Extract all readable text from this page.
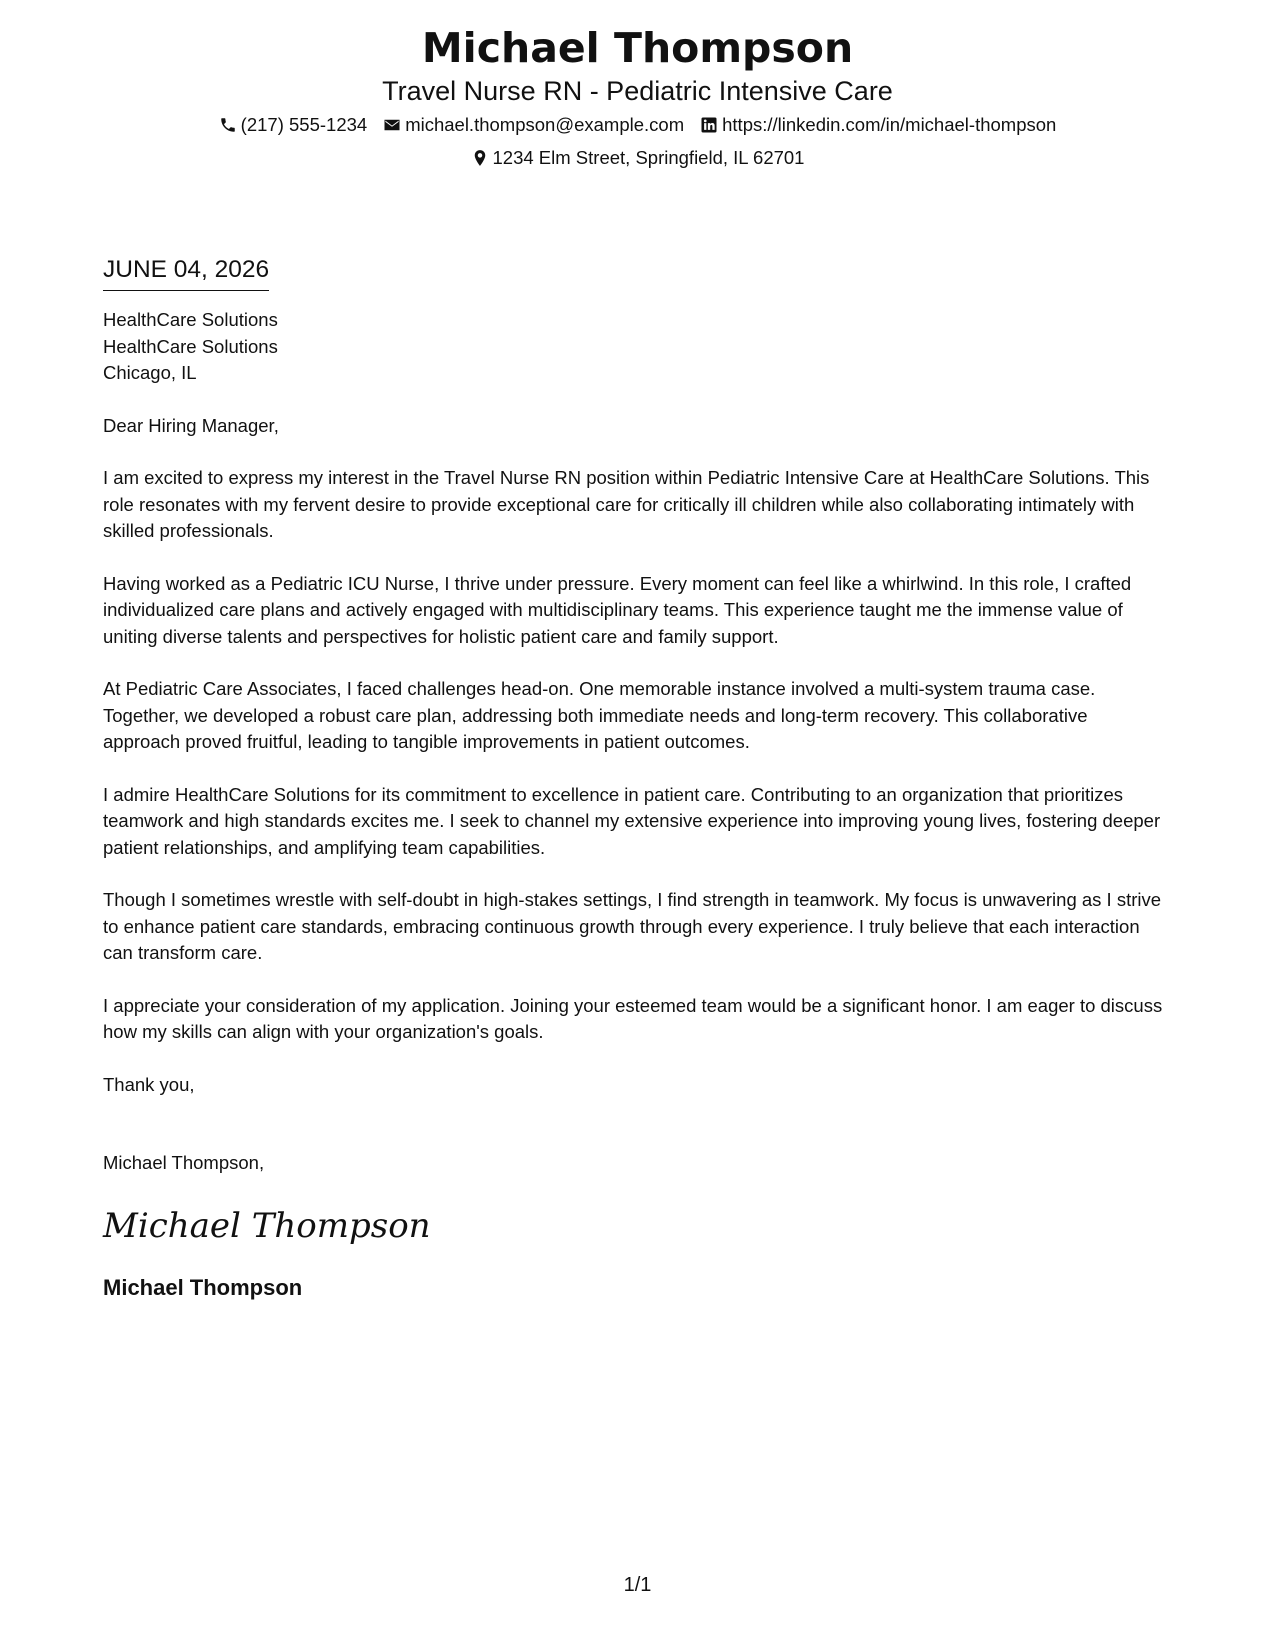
Michael Thompson
Travel Nurse RN - Pediatric Intensive Care
(217) 555-1234 michael.thompson@example.com https://linkedin.com/in/michael-thompson
1234 Elm Street, Springfield, IL 62701
JUNE 04, 2026

HealthCare Solutions

HealthCare Solutions

Chicago, IL

Dear Hiring Manager,

I am excited to express my interest in the Travel Nurse RN position within Pediatric Intensive Care at HealthCare Solutions. This role resonates with my fervent desire to provide exceptional care for critically ill children while also collaborating intimately with skilled professionals.

Having worked as a Pediatric ICU Nurse, I thrive under pressure. Every moment can feel like a whirlwind. In this role, I crafted individualized care plans and actively engaged with multidisciplinary teams. This experience taught me the immense value of uniting diverse talents and perspectives for holistic patient care and family support.

At Pediatric Care Associates, I faced challenges head-on. One memorable instance involved a multi-system trauma case. Together, we developed a robust care plan, addressing both immediate needs and long-term recovery. This collaborative approach proved fruitful, leading to tangible improvements in patient outcomes.

I admire HealthCare Solutions for its commitment to excellence in patient care. Contributing to an organization that prioritizes teamwork and high standards excites me. I seek to channel my extensive experience into improving young lives, fostering deeper patient relationships, and amplifying team capabilities.

Though I sometimes wrestle with self-doubt in high-stakes settings, I find strength in teamwork. My focus is unwavering as I strive to enhance patient care standards, embracing continuous growth through every experience. I truly believe that each interaction can transform care.

I appreciate your consideration of my application. Joining your esteemed team would be a significant honor. I am eager to discuss how my skills can align with your organization's goals.

Thank you,

Michael Thompson,

Michael Thompson
Michael Thompson
1/1
